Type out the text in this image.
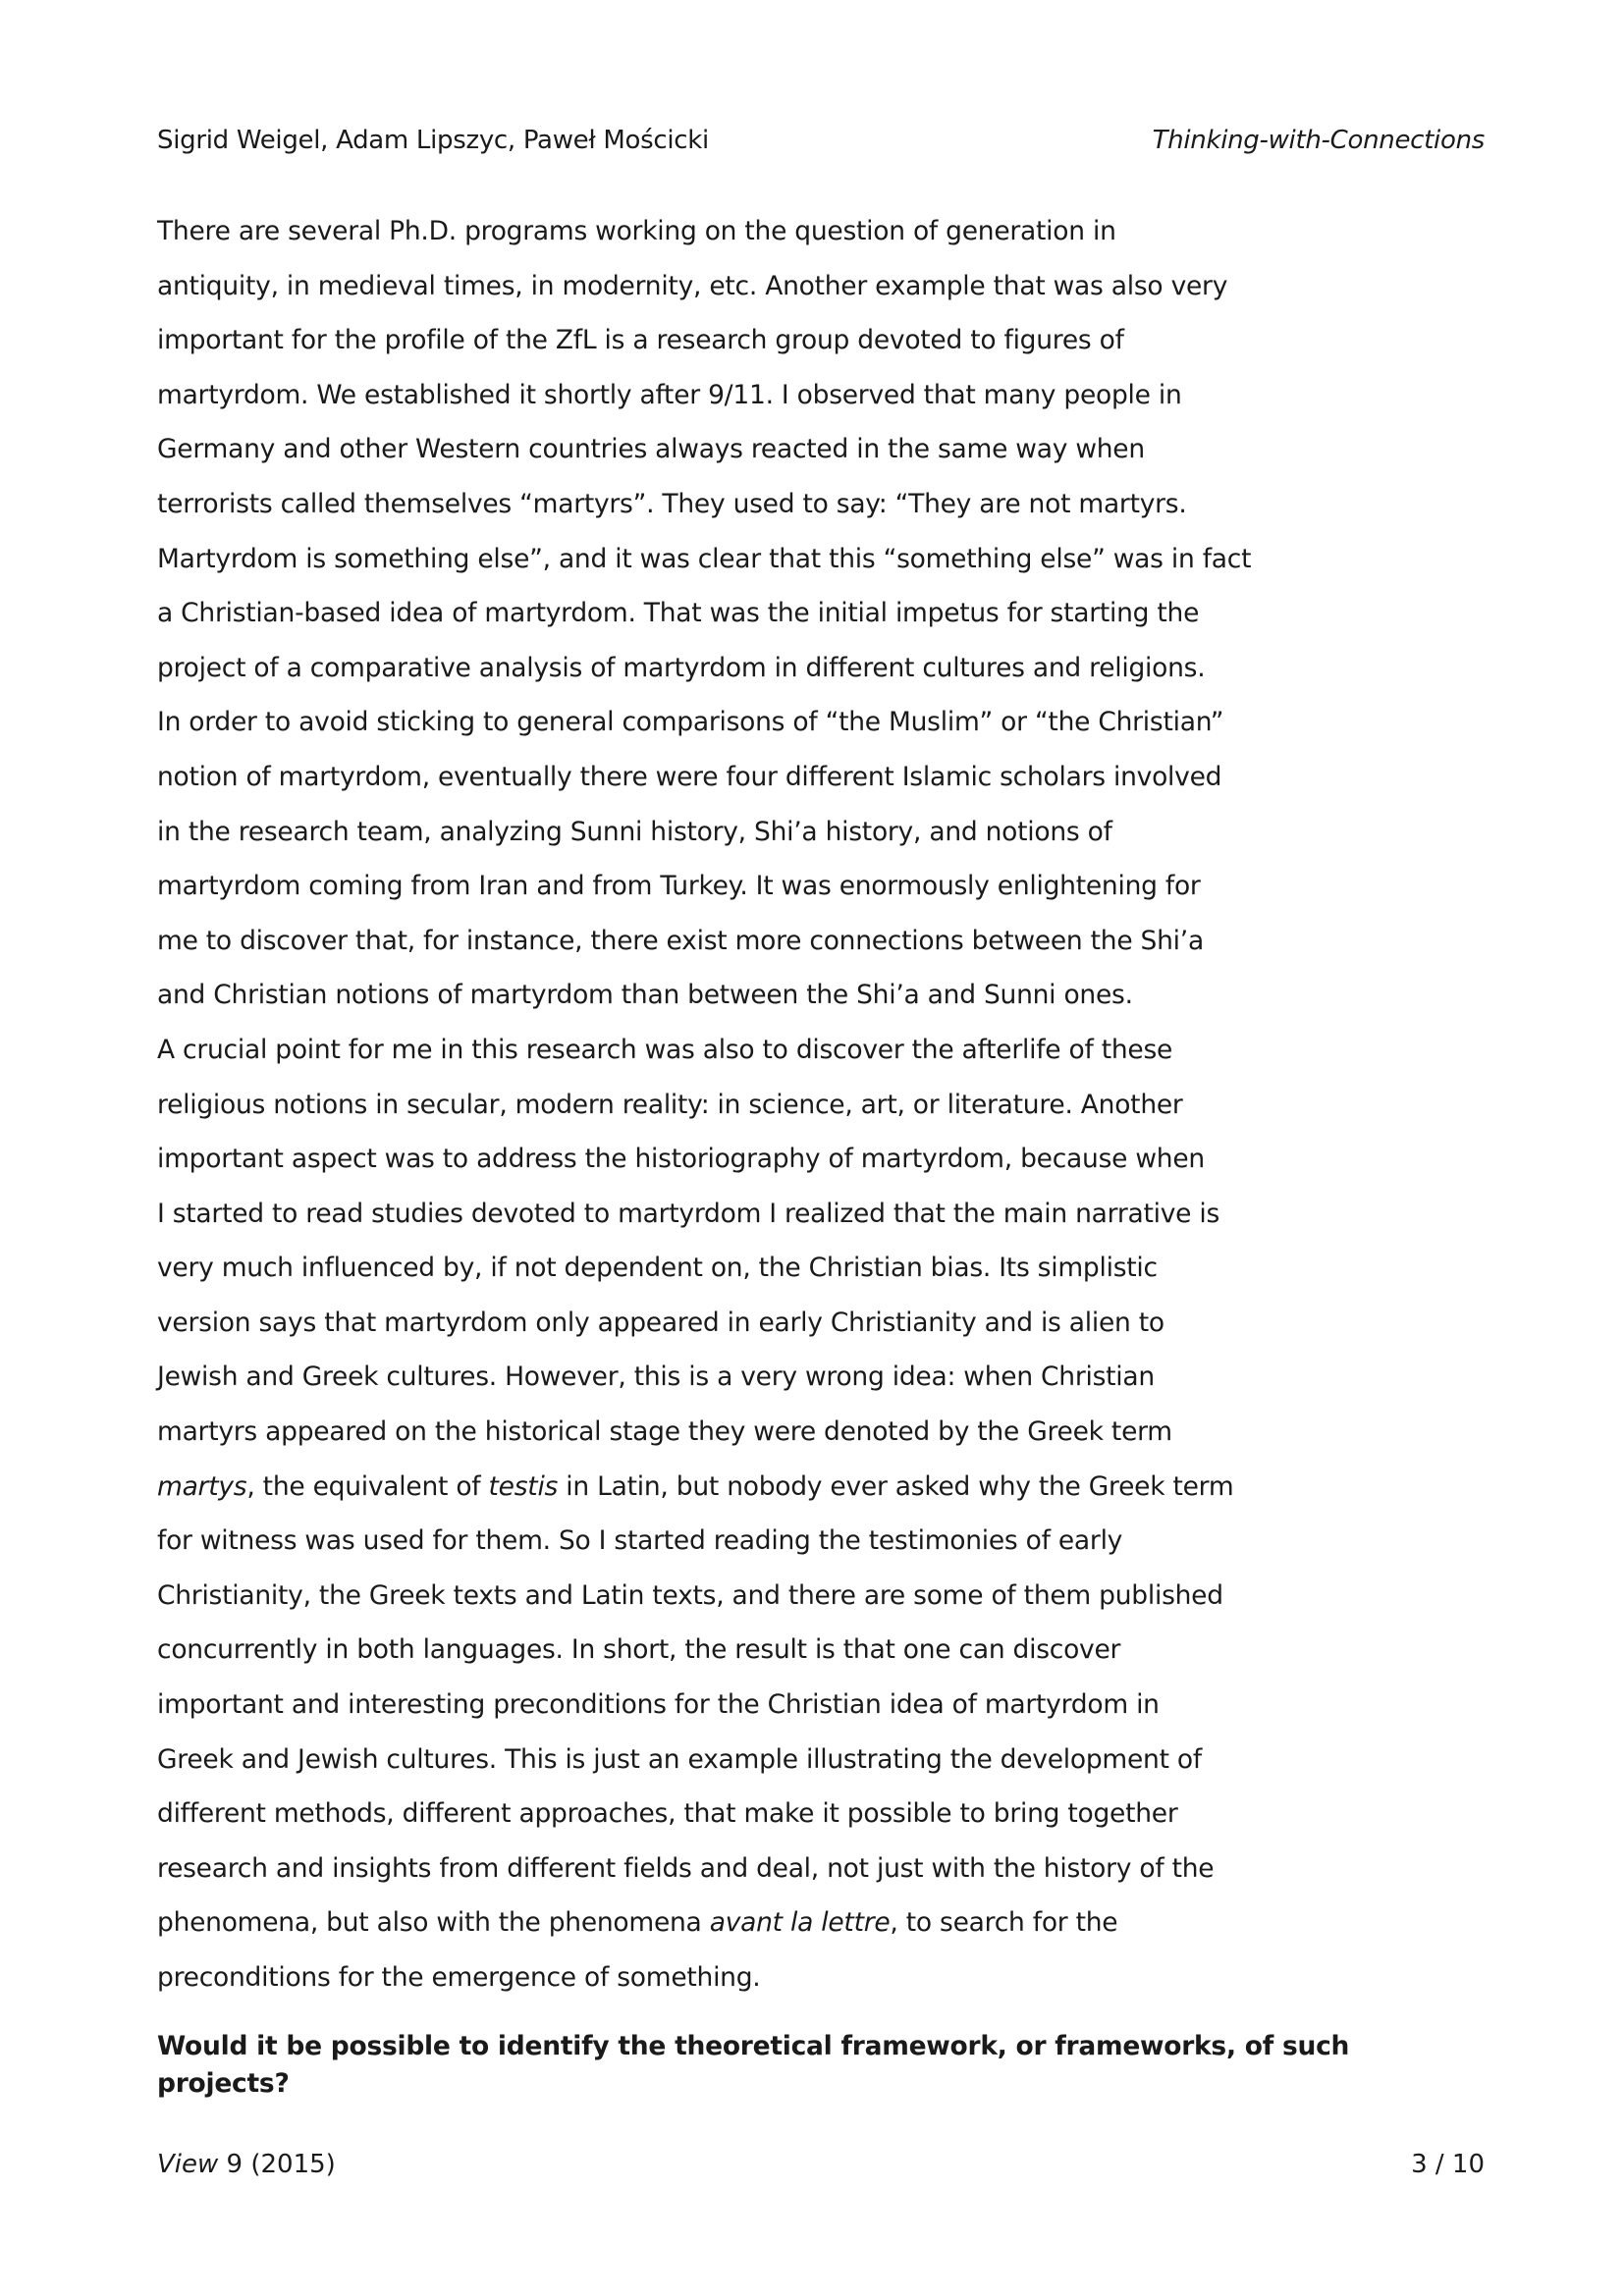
Sigrid Weigel, Adam Lipszyc, Paweł Mościcki	Thinking-with-Connections
There are several Ph.D. programs working on the question of generation in
antiquity, in medieval times, in modernity, etc. Another example that was also very
important for the profile of the ZfL is a research group devoted to figures of
martyrdom. We established it shortly after 9/11. I observed that many people in
Germany and other Western countries always reacted in the same way when
terrorists called themselves “martyrs”. They used to say: “They are not martyrs.
Martyrdom is something else”, and it was clear that this “something else” was in fact
a Christian-based idea of martyrdom. That was the initial impetus for starting the
project of a comparative analysis of martyrdom in different cultures and religions.
In order to avoid sticking to general comparisons of “the Muslim” or “the Christian”
notion of martyrdom, eventually there were four different Islamic scholars involved
in the research team, analyzing Sunni history, Shi’a history, and notions of
martyrdom coming from Iran and from Turkey. It was enormously enlightening for
me to discover that, for instance, there exist more connections between the Shi’a
and Christian notions of martyrdom than between the Shi’a and Sunni ones.
A crucial point for me in this research was also to discover the afterlife of these
religious notions in secular, modern reality: in science, art, or literature. Another
important aspect was to address the historiography of martyrdom, because when
I started to read studies devoted to martyrdom I realized that the main narrative is
very much influenced by, if not dependent on, the Christian bias. Its simplistic
version says that martyrdom only appeared in early Christianity and is alien to
Jewish and Greek cultures. However, this is a very wrong idea: when Christian
martyrs appeared on the historical stage they were denoted by the Greek term
martys, the equivalent of testis in Latin, but nobody ever asked why the Greek term
for witness was used for them. So I started reading the testimonies of early
Christianity, the Greek texts and Latin texts, and there are some of them published
concurrently in both languages. In short, the result is that one can discover
important and interesting preconditions for the Christian idea of martyrdom in
Greek and Jewish cultures. This is just an example illustrating the development of
different methods, different approaches, that make it possible to bring together
research and insights from different fields and deal, not just with the history of the
phenomena, but also with the phenomena avant la lettre, to search for the
preconditions for the emergence of something.
Would it be possible to identify the theoretical framework, or frameworks, of such
projects?
View 9 (2015)	3 / 10
